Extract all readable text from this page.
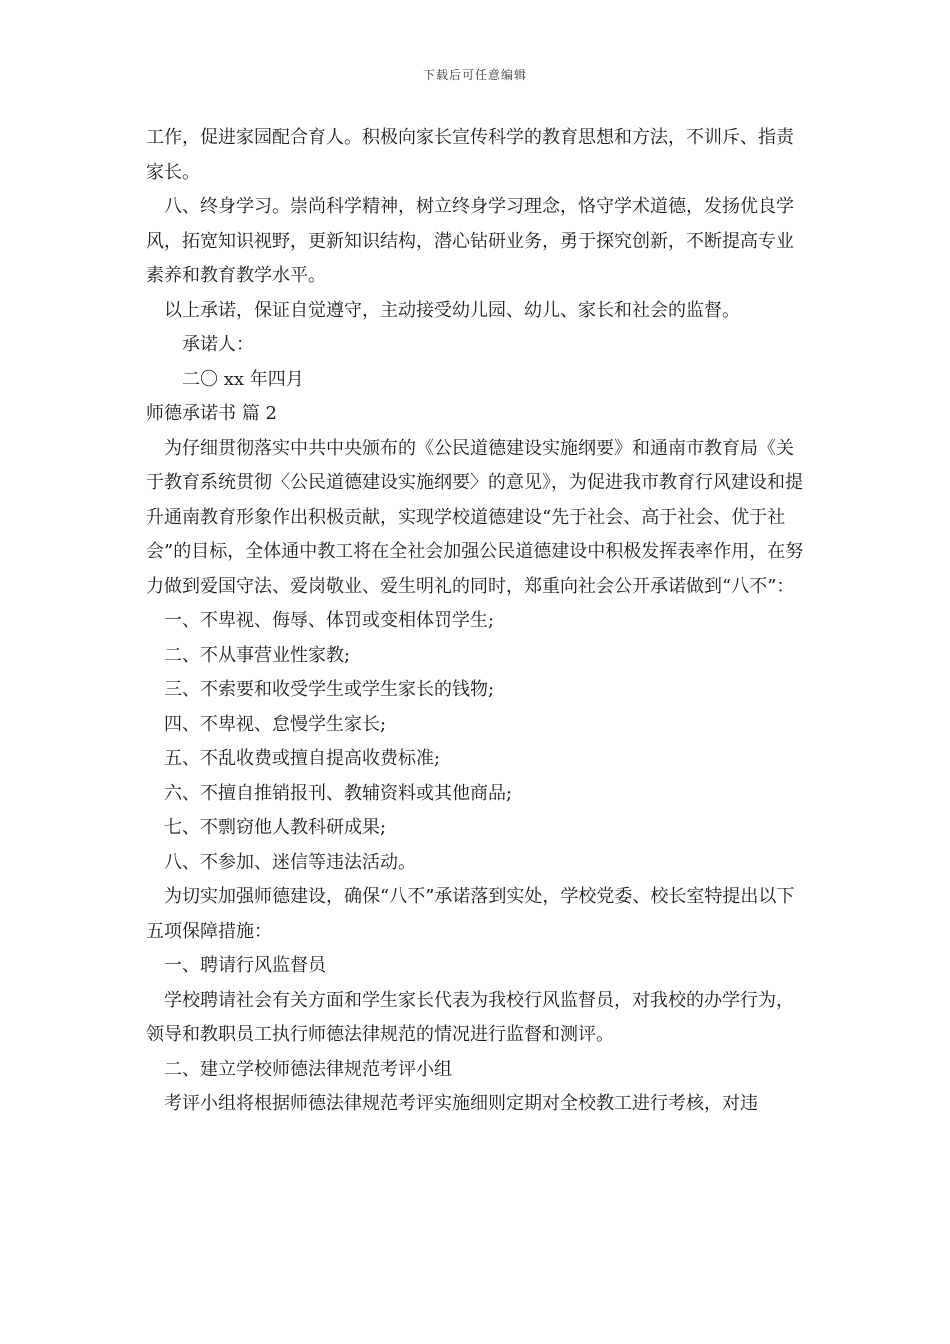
下载后可任意编辑

工作，促进家园配合育人。积极向家长宣传科学的教育思想和方法，不训斥、指责家长。

八、终身学习。崇尚科学精神，树立终身学习理念，恪守学术道德，发扬优良学风，拓宽知识视野，更新知识结构，潜心钻研业务，勇于探究创新，不断提高专业素养和教育教学水平。

以上承诺，保证自觉遵守，主动接受幼儿园、幼儿、家长和社会的监督。

承诺人：

二〇 xx 年四月

师德承诺书 篇 2

为仔细贯彻落实中共中央颁布的《公民道德建设实施纲要》和通南市教育局《关于教育系统贯彻〈公民道德建设实施纲要〉的意见》，为促进我市教育行风建设和提升通南教育形象作出积极贡献，实现学校道德建设“先于社会、高于社会、优于社会”的目标，全体通中教工将在全社会加强公民道德建设中积极发挥表率作用，在努力做到爱国守法、爱岗敬业、爱生明礼的同时，郑重向社会公开承诺做到“八不”：

一、不卑视、侮辱、体罚或变相体罚学生;

二、不从事营业性家教;

三、不索要和收受学生或学生家长的钱物;

四、不卑视、怠慢学生家长;

五、不乱收费或擅自提高收费标准;

六、不擅自推销报刊、教辅资料或其他商品;

七、不剽窃他人教科研成果;

八、不参加、迷信等违法活动。

为切实加强师德建设，确保“八不”承诺落到实处，学校党委、校长室特提出以下五项保障措施：

一、聘请行风监督员

学校聘请社会有关方面和学生家长代表为我校行风监督员，对我校的办学行为，领导和教职员工执行师德法律规范的情况进行监督和测评。

二、建立学校师德法律规范考评小组

考评小组将根据师德法律规范考评实施细则定期对全校教工进行考核，对违
